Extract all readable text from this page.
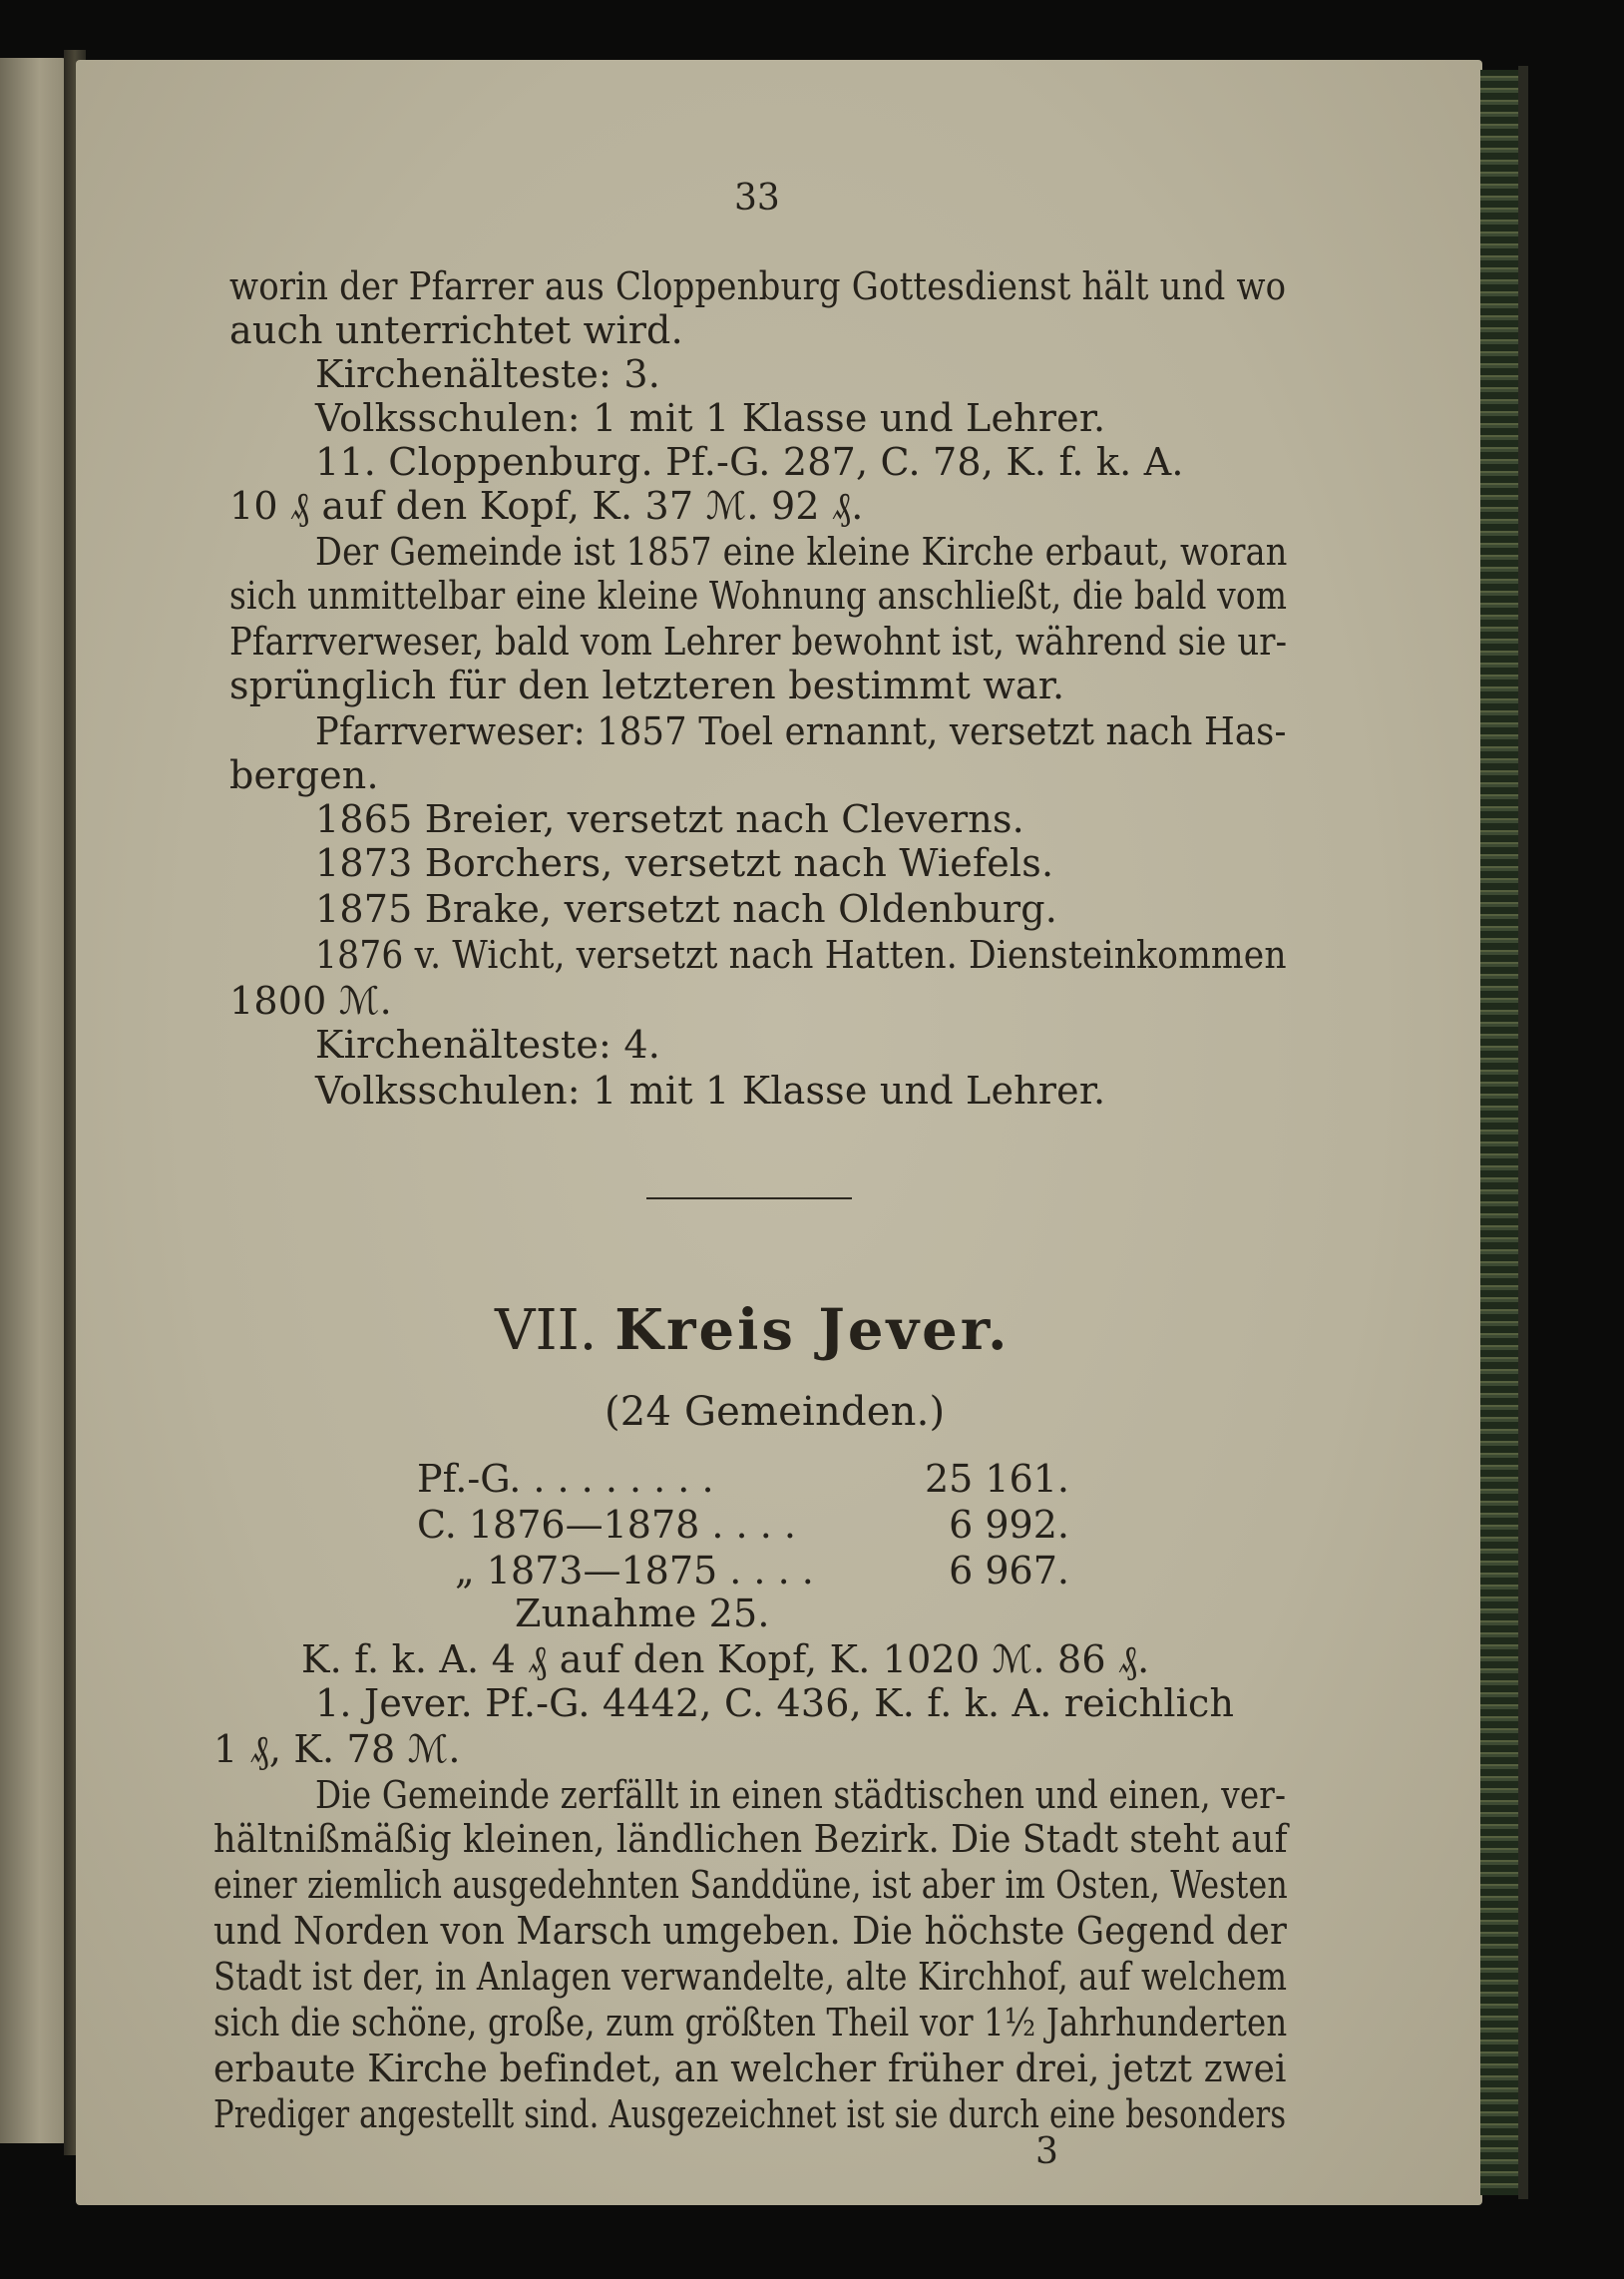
33
worin der Pfarrer aus Cloppenburg Gottesdienst hält und wo
auch unterrichtet wird.
Kirchenälteste: 3.
Volksschulen: 1 mit 1 Klasse und Lehrer.
11. Cloppenburg. Pf.-G. 287, C. 78, K. f. k. A.
10 ₰ auf den Kopf, K. 37 ℳ. 92 ₰.
Der Gemeinde ist 1857 eine kleine Kirche erbaut, woran
sich unmittelbar eine kleine Wohnung anschließt, die bald vom
Pfarrverweser, bald vom Lehrer bewohnt ist, während sie ur-
sprünglich für den letzteren bestimmt war.
Pfarrverweser: 1857 Toel ernannt, versetzt nach Has-
bergen.
1865 Breier, versetzt nach Cleverns.
1873 Borchers, versetzt nach Wiefels.
1875 Brake, versetzt nach Oldenburg.
1876 v. Wicht, versetzt nach Hatten. Diensteinkommen
1800 ℳ.
Kirchenälteste: 4.
Volksschulen: 1 mit 1 Klasse und Lehrer.
VII. Kreis Jever.
(24 Gemeinden.)
Pf.-G. . . . . . . . .	25 161.
C. 1876—1878 . . . .	6 992.
„ 1873—1875 . . . .	6 967.
Zunahme 25.
K. f. k. A. 4 ₰ auf den Kopf, K. 1020 ℳ. 86 ₰.
1. Jever. Pf.-G. 4442, C. 436, K. f. k. A. reichlich
1 ₰, K. 78 ℳ.
Die Gemeinde zerfällt in einen städtischen und einen, ver-
hältnißmäßig kleinen, ländlichen Bezirk. Die Stadt steht auf
einer ziemlich ausgedehnten Sanddüne, ist aber im Osten, Westen
und Norden von Marsch umgeben. Die höchste Gegend der
Stadt ist der, in Anlagen verwandelte, alte Kirchhof, auf welchem
sich die schöne, große, zum größten Theil vor 1½ Jahrhunderten
erbaute Kirche befindet, an welcher früher drei, jetzt zwei
Prediger angestellt sind. Ausgezeichnet ist sie durch eine besonders
3
